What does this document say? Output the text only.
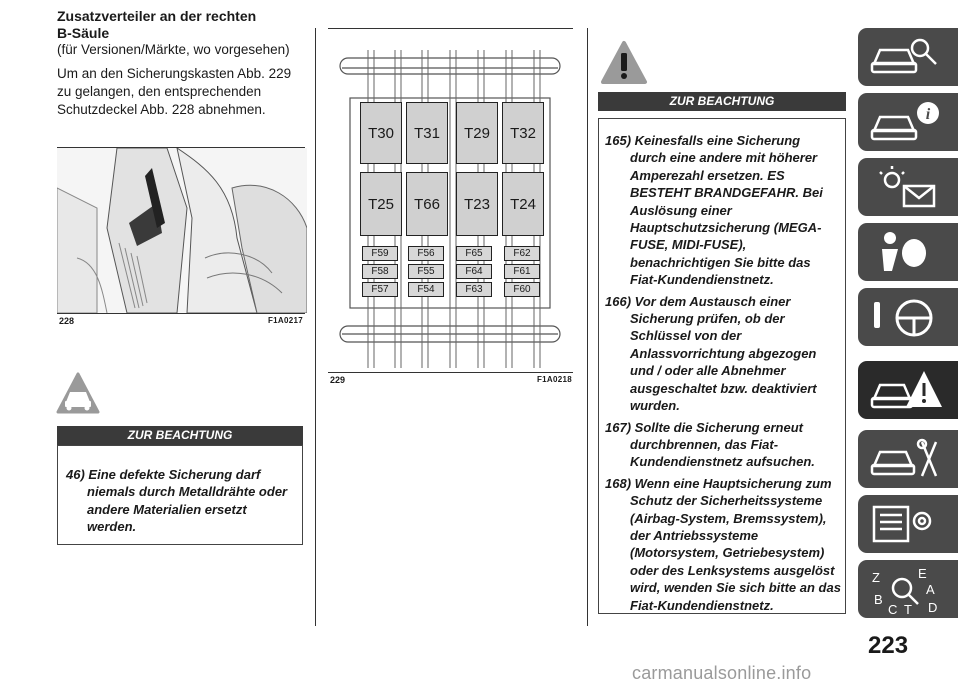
Zusatzverteiler an der rechten
B-Säule
(für Versionen/Märkte, wo vorgesehen)
Um an den Sicherungskasten Abb. 229
zu gelangen, den entsprechenden
Schutzdeckel Abb. 228 abnehmen.
228	F1A0217
ZUR BEACHTUNG
46) Eine defekte Sicherung darf
niemals durch Metalldrähte oder andere Materialien ersetzt werden.
T30	T31	T29	T32
T25	T66	T23	T24
F59	F56	F65	F62
F58	F55	F64	F61
F57	F54	F63	F60
229	F1A0218
ZUR BEACHTUNG
165) Keinesfalls eine Sicherung
durch eine andere mit höherer Amperezahl ersetzen. ES BESTEHT BRANDGEFAHR. Bei Auslösung einer Hauptschutzsicherung (MEGA-FUSE, MIDI-FUSE), benachrichtigen Sie bitte das Fiat-Kundendienstnetz.
166) Vor dem Austausch einer
Sicherung prüfen, ob der Schlüssel von der Anlassvorrichtung abgezogen und / oder alle Abnehmer ausgeschaltet bzw. deaktiviert wurden.
167) Sollte die Sicherung erneut
durchbrennen, das Fiat-Kundendienstnetz aufsuchen.
168) Wenn eine Hauptsicherung zum
Schutz der Sicherheitssysteme (Airbag-System, Bremssystem), der Antriebssysteme (Motorsystem, Getriebesystem) oder des Lenksystems ausgelöst wird, wenden Sie sich bitte an das Fiat-Kundendienstnetz.
i
Z	E
A
B
C D
T
223
carmanualsonline.info
